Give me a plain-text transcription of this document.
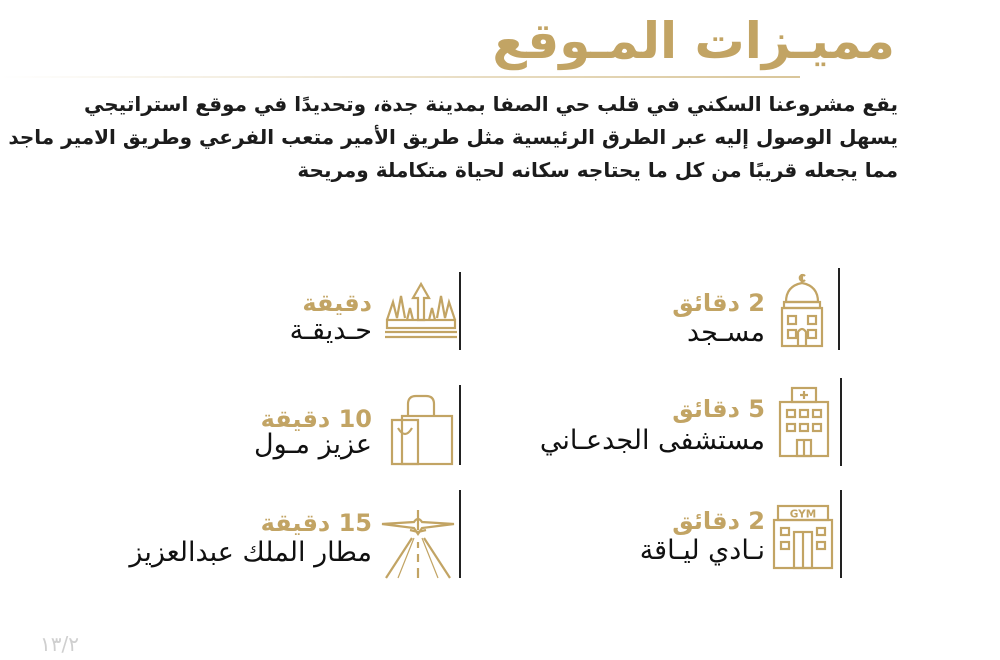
مميـزات المـوقع

يقع مشروعنا السكني في قلب حي الصفا بمدينة جدة، وتحديدًا في موقع استراتيجي

يسهل الوصول إليه عبر الطرق الرئيسية مثل طريق الأمير متعب الفرعي وطريق الامير ماجد

مما يجعله قريبًا من كل ما يحتاجه سكانه لحياة متكاملة ومريحة

2 دقائق
مسـجد
دقيقة
حـديقـة
5 دقائق
مستشفى الجدعـاني
10 دقيقة
عزيز مـول
GYM
2 دقائق
نـادي ليـاقة
15 دقيقة
مطار الملك عبدالعزيز
١٣/٢
